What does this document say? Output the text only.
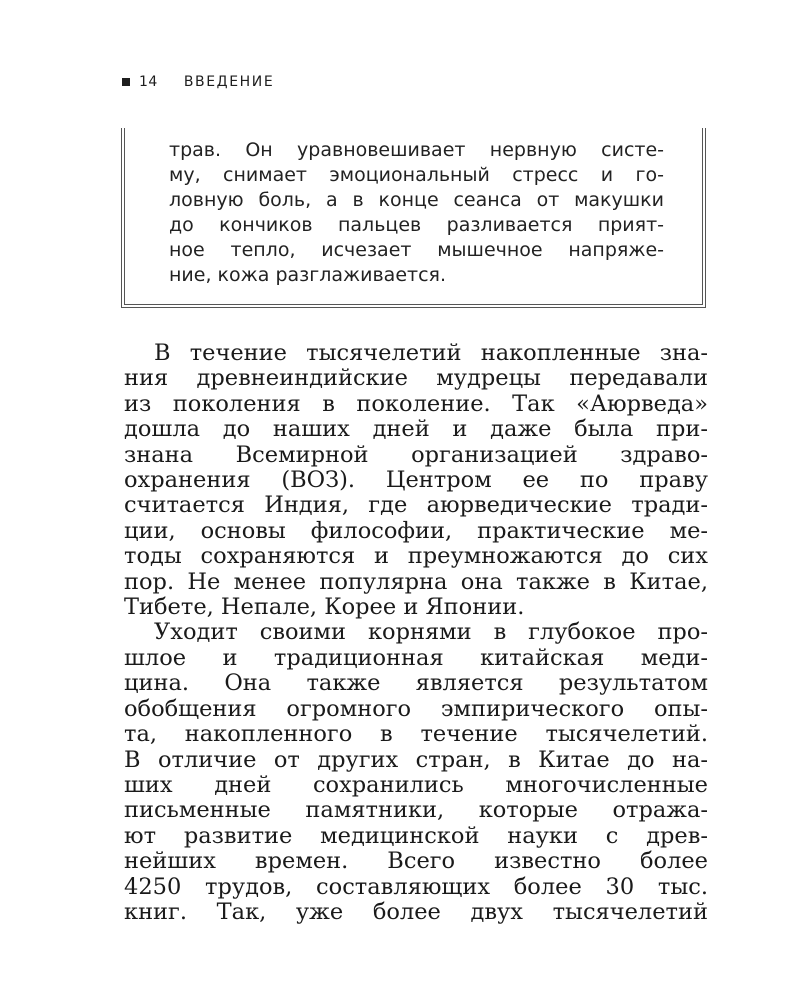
14 ВВЕДЕНИЕ
трав. Он уравновешивает нервную систе-
му, снимает эмоциональный стресс и го-
ловную боль, а в конце сеанса от макушки
до кончиков пальцев разливается прият-
ное тепло, исчезает мышечное напряже-
ние, кожа разглаживается.
В течение тысячелетий накопленные зна-
ния древнеиндийские мудрецы передавали
из поколения в поколение. Так «Аюрведа»
дошла до наших дней и даже была при-
знана Всемирной организацией здраво-
охранения (ВОЗ). Центром ее по праву
считается Индия, где аюрведические тради-
ции, основы философии, практические ме-
тоды сохраняются и преумножаются до сих
пор. Не менее популярна она также в Китае,
Тибете, Непале, Корее и Японии.
Уходит своими корнями в глубокое про-
шлое и традиционная китайская меди-
цина. Она также является результатом
обобщения огромного эмпирического опы-
та, накопленного в течение тысячелетий.
В отличие от других стран, в Китае до на-
ших дней сохранились многочисленные
письменные памятники, которые отража-
ют развитие медицинской науки с древ-
нейших времен. Всего известно более
4250 трудов, составляющих более 30 тыс.
книг. Так, уже более двух тысячелетий
